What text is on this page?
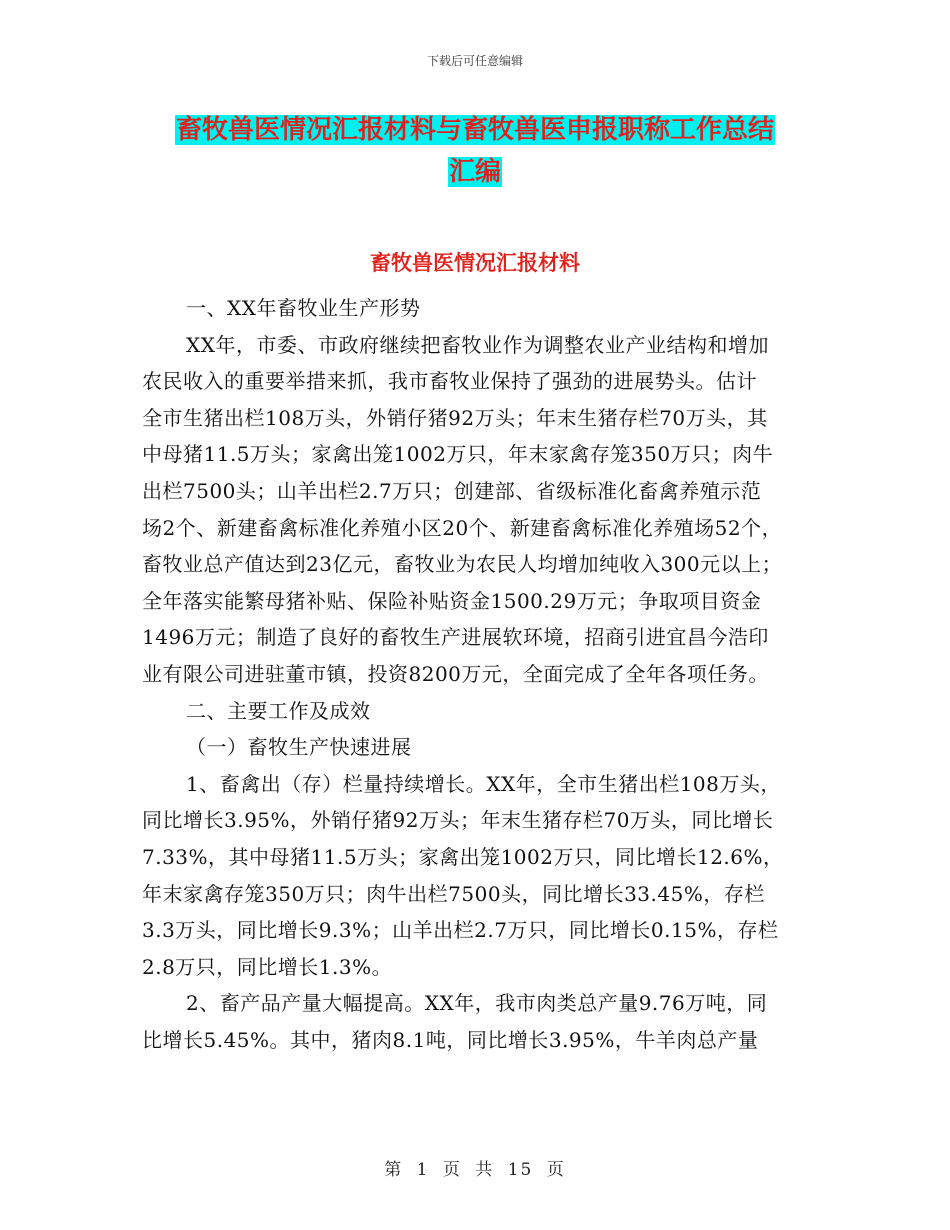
下载后可任意编辑
畜牧兽医情况汇报材料与畜牧兽医申报职称工作总结
汇编
畜牧兽医情况汇报材料
一、XX年畜牧业生产形势
XX年，市委、市政府继续把畜牧业作为调整农业产业结构和增加
农民收入的重要举措来抓，我市畜牧业保持了强劲的进展势头。估计
全市生猪出栏108万头，外销仔猪92万头；年末生猪存栏70万头，其
中母猪11.5万头；家禽出笼1002万只，年末家禽存笼350万只；肉牛
出栏7500头；山羊出栏2.7万只；创建部、省级标准化畜禽养殖示范
场2个、新建畜禽标准化养殖小区20个、新建畜禽标准化养殖场52个，
畜牧业总产值达到23亿元，畜牧业为农民人均增加纯收入300元以上；
全年落实能繁母猪补贴、保险补贴资金1500.29万元；争取项目资金
1496万元；制造了良好的畜牧生产进展软环境，招商引进宜昌今浩印
业有限公司进驻董市镇，投资8200万元，全面完成了全年各项任务。
二、主要工作及成效
（一）畜牧生产快速进展
1、畜禽出（存）栏量持续增长。XX年，全市生猪出栏108万头，
同比增长3.95%，外销仔猪92万头；年末生猪存栏70万头，同比增长
7.33%，其中母猪11.5万头；家禽出笼1002万只，同比增长12.6%，
年末家禽存笼350万只；肉牛出栏7500头，同比增长33.45%，存栏
3.3万头，同比增长9.3%；山羊出栏2.7万只，同比增长0.15%，存栏
2.8万只，同比增长1.3%。
2、畜产品产量大幅提高。XX年，我市肉类总产量9.76万吨，同
比增长5.45%。其中，猪肉8.1吨，同比增长3.95%，牛羊肉总产量
第 1 页 共 15 页
